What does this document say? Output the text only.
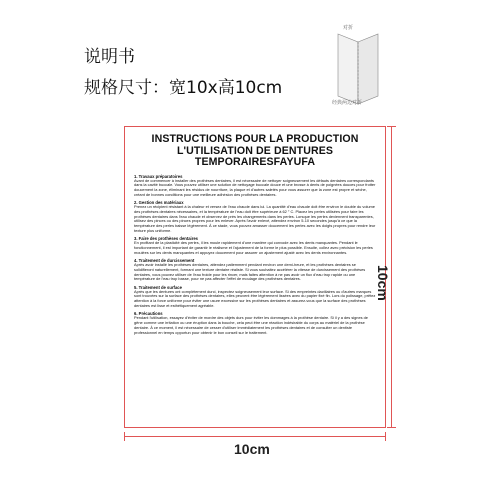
说明书
规格尺寸：宽10x高10cm
对折
经典两边对折
INSTRUCTIONS POUR LA PRODUCTION
L'UTILISATION DE DENTURES
TEMPORAIRESFAYUFA

1. Travaux préparatoires

Avant de commencer à installer des prothèses dentaires, il est nécessaire de nettoyer soigneusement les défauts dentaires correspondants dans la cavité buccale. Vous pouvez utiliser une solution de nettoyage buccale douce et une brosse à dents de poignées douces pour frotter doucement la zone, éliminant les résidus de nourriture, la plaque et d'autres saletés pour vous assurer que la zone est propre et sèche, créant de bonnes conditions pour une meilleure adhésion des prothèses dentaires.

2. Gestion des matériaux

Prenez un récipient résistant à la chaleur et versez de l'eau chaude dans lui. La quantité d'eau chaude doit être environ le double du volume des prothèses dentaires nécessaires, et la température de l'eau doit être supérieure à 62 ° C. Placez les perles utilisées pour faire les prothèses dentaires dans l'eau chaude et observez de près les changements dans les perles. Lorsque les perles deviennent transparentes, utilisez des pinces ou des pinces propres pour les enlever. Après l'avoir enlevé, attendez environ 5-10 secondes jusqu'à ce que la température des perles baisse légèrement. À ce stade, vous pouvez amasser doucement les perles avec les doigts propres pour rendre leur texture plus uniforme.

3. Faire des prothèses dentaires

En profitant de la plasticité des perles, il les moule rapidement d'une manière qui convode avec les dents manquantes. Pendant le fonctionnement, il est important de garantir le réalisme et l'ajustement de la forme le plus possible. Ensuite, collez avec précision les perles moulées sur les dents manquantes et appuyez doucement pour assurer un ajustement ajusté avec les dents environnantes.

4. Traitement de durcissement

Après avoir installé les prothèses dentaires, attendez patiemment pendant environ une demi-heure, et les prothèses dentaires se solidifieront naturellement, formant une texture dentaire réaliste. Si vous souhaitez accélérer la vitesse de durcissement des prothèses dentaires, vous pouvez utiliser de l'eau froide pour les rincer, mais faites attention à ne pas avoir un flux d'eau trop rapide ou une température de l'eau trop basse, pour ne pas affecter l'effet de moulage des prothèses dentaires.

5. Traitement de surface

Après que les dentures ont complètement durci, inspectez soigneusement leur surface. Si des empreintes dactilaires ou d'autres marques sont trouvées sur la surface des prothèses dentaires, elles peuvent être légèrement lissées avec du papier fixé fin. Lors du polissage, prêtez attention à la force uniforme pour éviter une usure excessive sur les prothèses dentaires et assurez-vous que la surface des prothèses dentaires est lisse et esthétiquement agréable.

6. Précautions

Pendant l'utilisation, essayez d'éviter de mordre des objets durs pour éviter les dommages à la prothèse dentaire. Si il y a des signes de gêne comme une irritation ou une éruption dans la bouche, cela peut être une réaction indésirable du corps au matériel de la prothèse dentaire. À ce moment, il est nécessaire de cesser d'utiliser immédiatement les prothèses dentaires et de consulter un dentiste professionnel en temps opportun pour obtenir le bon conseil sur le traitement.

10cm
10cm
